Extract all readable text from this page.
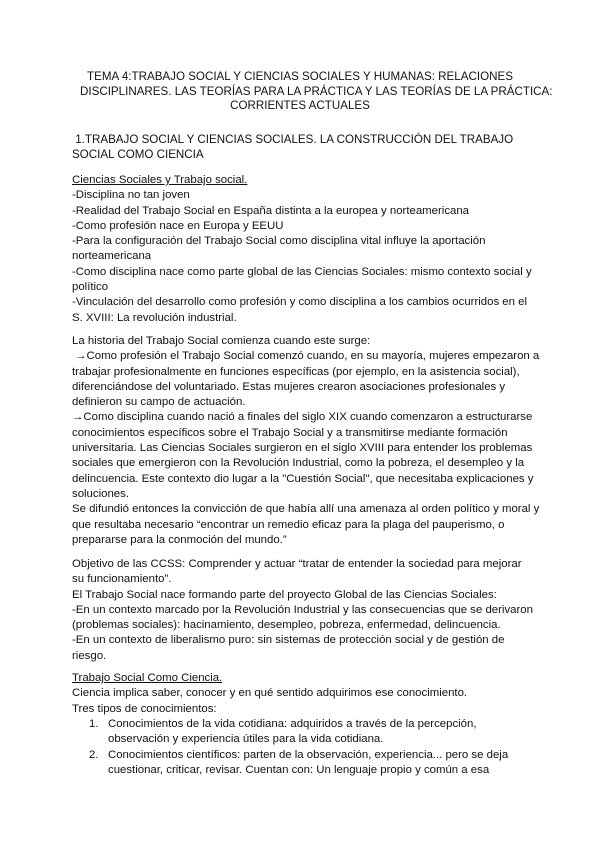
TEMA 4:TRABAJO SOCIAL Y CIENCIAS SOCIALES Y HUMANAS: RELACIONES
DISCIPLINARES. LAS TEORÍAS PARA LA PRÁCTICA Y LAS TEORÍAS DE LA PRÁCTICA:
CORRIENTES ACTUALES
1.TRABAJO SOCIAL Y CIENCIAS SOCIALES. LA CONSTRUCCIÓN DEL TRABAJO
SOCIAL COMO CIENCIA
Ciencias Sociales y Trabajo social.
-Disciplina no tan joven
-Realidad del Trabajo Social en España distinta a la europea y norteamericana
-Como profesión nace en Europa y EEUU
-Para la configuración del Trabajo Social como disciplina vital influye la aportación
norteamericana
-Como disciplina nace como parte global de las Ciencias Sociales: mismo contexto social y
político
-Vinculación del desarrollo como profesión y como disciplina a los cambios ocurridos en el
S. XVIII: La revolución industrial.
La historia del Trabajo Social comienza cuando este surge:
→Como profesión el Trabajo Social comenzó cuando, en su mayoría, mujeres empezaron a
trabajar profesionalmente en funciones específicas (por ejemplo, en la asistencia social),
diferenciándose del voluntariado. Estas mujeres crearon asociaciones profesionales y
definieron su campo de actuación.
→Como disciplina cuando nació a finales del siglo XIX cuando comenzaron a estructurarse
conocimientos específicos sobre el Trabajo Social y a transmitirse mediante formación
universitaria. Las Ciencias Sociales surgieron en el siglo XVIII para entender los problemas
sociales que emergieron con la Revolución Industrial, como la pobreza, el desempleo y la
delincuencia. Este contexto dio lugar a la "Cuestión Social", que necesitaba explicaciones y
soluciones.
Se difundió entonces la convicción de que había allí una amenaza al orden político y moral y
que resultaba necesario “encontrar un remedio eficaz para la plaga del pauperismo, o
prepararse para la conmoción del mundo.”
Objetivo de las CCSS: Comprender y actuar “tratar de entender la sociedad para mejorar
su funcionamiento”.
El Trabajo Social nace formando parte del proyecto Global de las Ciencias Sociales:
-En un contexto marcado por la Revolución Industrial y las consecuencias que se derivaron
(problemas sociales): hacinamiento, desempleo, pobreza, enfermedad, delincuencia.
-En un contexto de liberalismo puro: sin sistemas de protección social y de gestión de
riesgo.
Trabajo Social Como Ciencia.
Ciencia implica saber, conocer y en qué sentido adquirimos ese conocimiento.
Tres tipos de conocimientos:
1. Conocimientos de la vida cotidiana: adquiridos a través de la percepción,
observación y experiencia útiles para la vida cotidiana.
2. Conocimientos científicos: parten de la observación, experiencia... pero se deja
cuestionar, criticar, revisar. Cuentan con: Un lenguaje propio y común a esa
